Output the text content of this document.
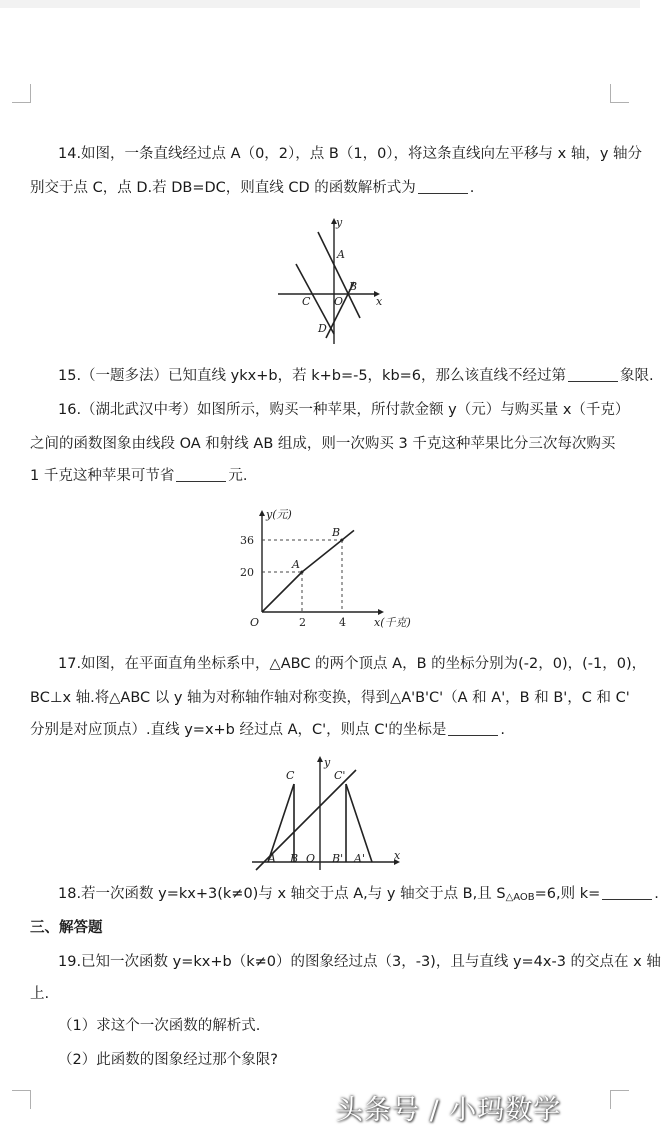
14.如图，一条直线经过点 A（0，2），点 B（1，0），将这条直线向左平移与 x 轴，y 轴分
别交于点 C，点 D.若 DB=DC，则直线 CD 的函数解析式为	.
y
x
A
B
C O
D
15.（一题多法）已知直线 ykx+b，若 k+b=-5，kb=6，那么该直线不经过第	象限.
16.（湖北武汉中考）如图所示，购买一种苹果，所付款金额 y（元）与购买量 x（千克）
之间的函数图象由线段 OA 和射线 AB 组成，则一次购买 3 千克这种苹果比分三次每次购买
1 千克这种苹果可节省	元.
A
B
2	4
20
36
O
y(元)
x(千克)
17.如图，在平面直角坐标系中，△ABC 的两个顶点 A，B 的坐标分别为(-2，0)，(-1，0)，
BC⊥x 轴.将△ABC 以 y 轴为对称轴作轴对称变换，得到△A'B'C'（A 和 A'，B 和 B'，C 和 C'
分别是对应顶点）.直线 y=x+b 经过点 A，C'，则点 C'的坐标是	.
y
x
C	C'
A B O B' A'
18.若一次函数 y=kx+3(k≠0)与 x 轴交于点 A,与 y 轴交于点 B,且 $S_{\triangle AOB}=6$,则 k=	.
三、解答题
19.已知一次函数 y=kx+b（k≠0）的图象经过点（3，-3)，且与直线 y=4x-3 的交点在 x 轴
上.
（1）求这个一次函数的解析式.
（2）此函数的图象经过那个象限?
头条号 / 小玛数学
